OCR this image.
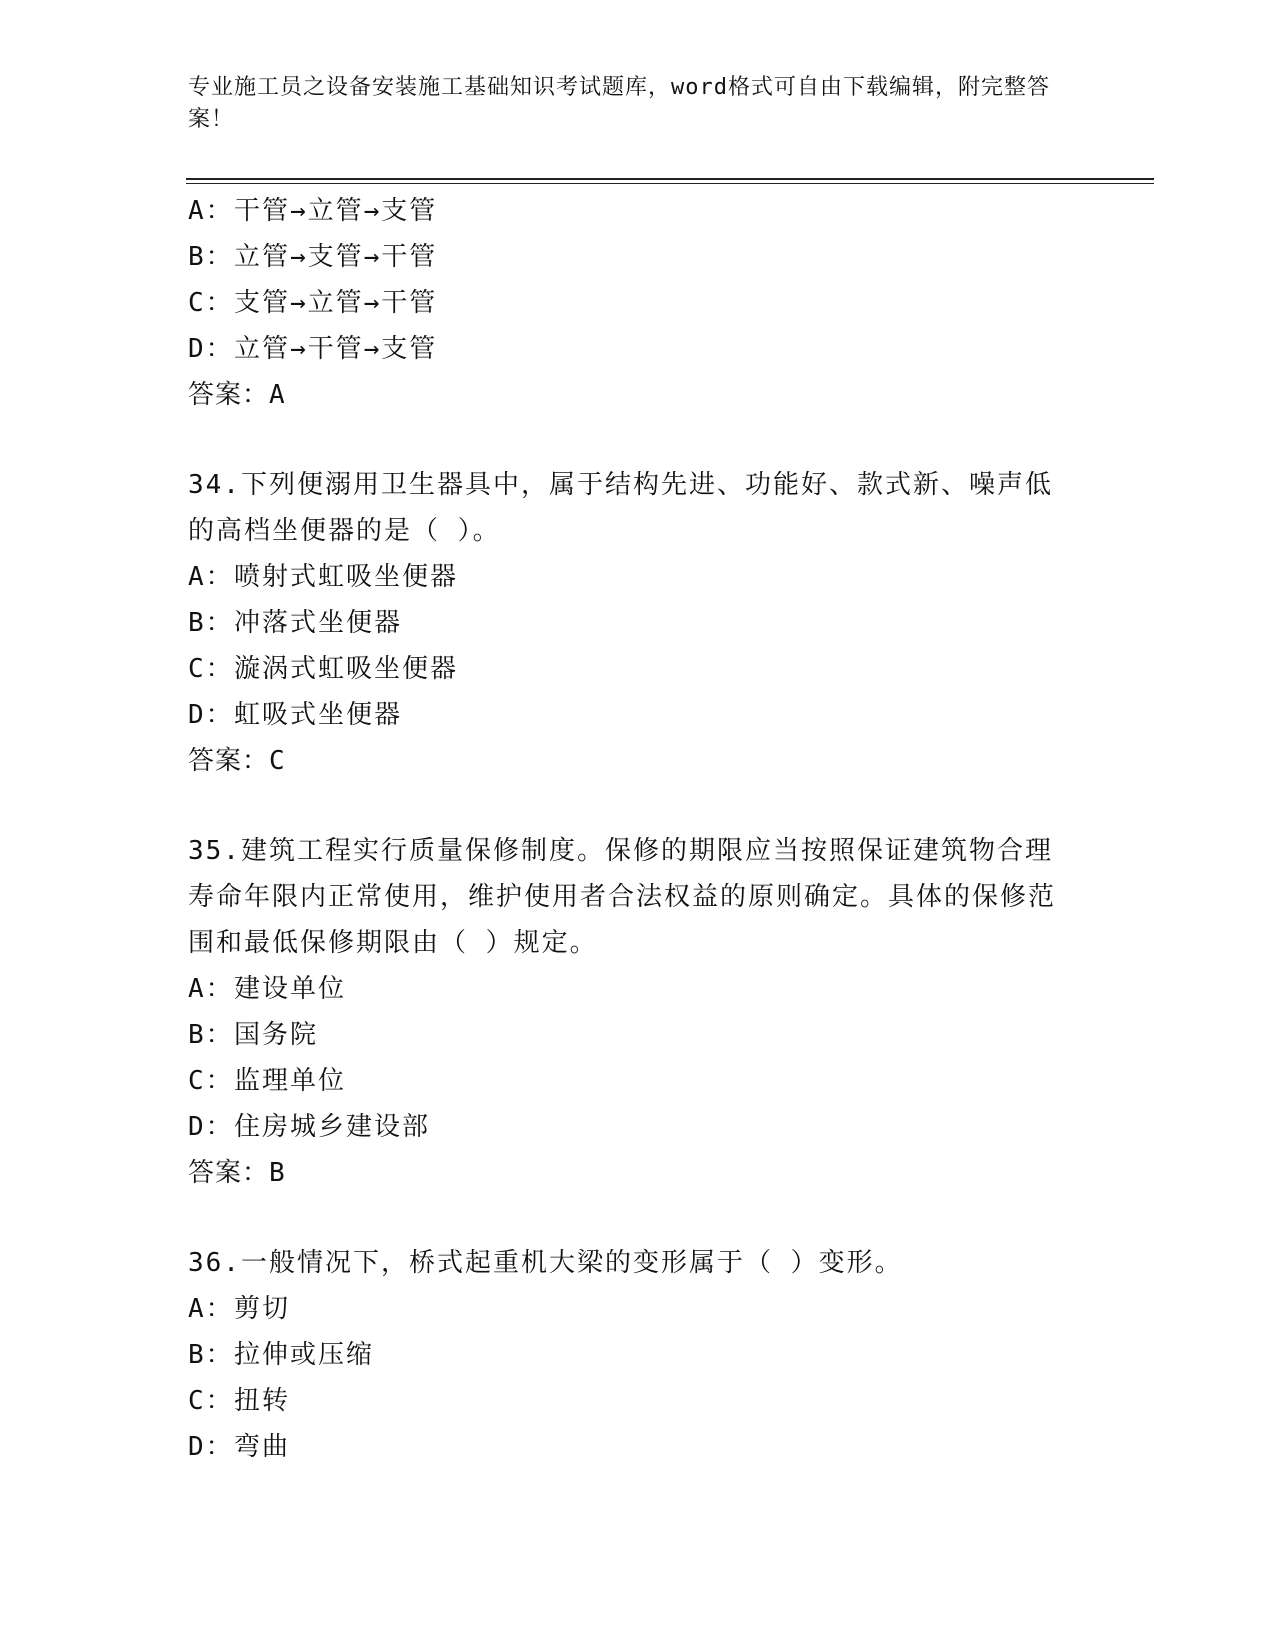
专业施工员之设备安装施工基础知识考试题库，word格式可自由下载编辑，附完整答案！
A：干管→立管→支管
B：立管→支管→干管
C：支管→立管→干管
D：立管→干管→支管
答案：A
34.下列便溺用卫生器具中，属于结构先进、功能好、款式新、噪声低的高档坐便器的是（ ）。
A：喷射式虹吸坐便器
B：冲落式坐便器
C：漩涡式虹吸坐便器
D：虹吸式坐便器
答案：C
35.建筑工程实行质量保修制度。保修的期限应当按照保证建筑物合理寿命年限内正常使用，维护使用者合法权益的原则确定。具体的保修范围和最低保修期限由（ ）规定。
A：建设单位
B：国务院
C：监理单位
D：住房城乡建设部
答案：B
36.一般情况下，桥式起重机大梁的变形属于（ ）变形。
A：剪切
B：拉伸或压缩
C：扭转
D：弯曲
